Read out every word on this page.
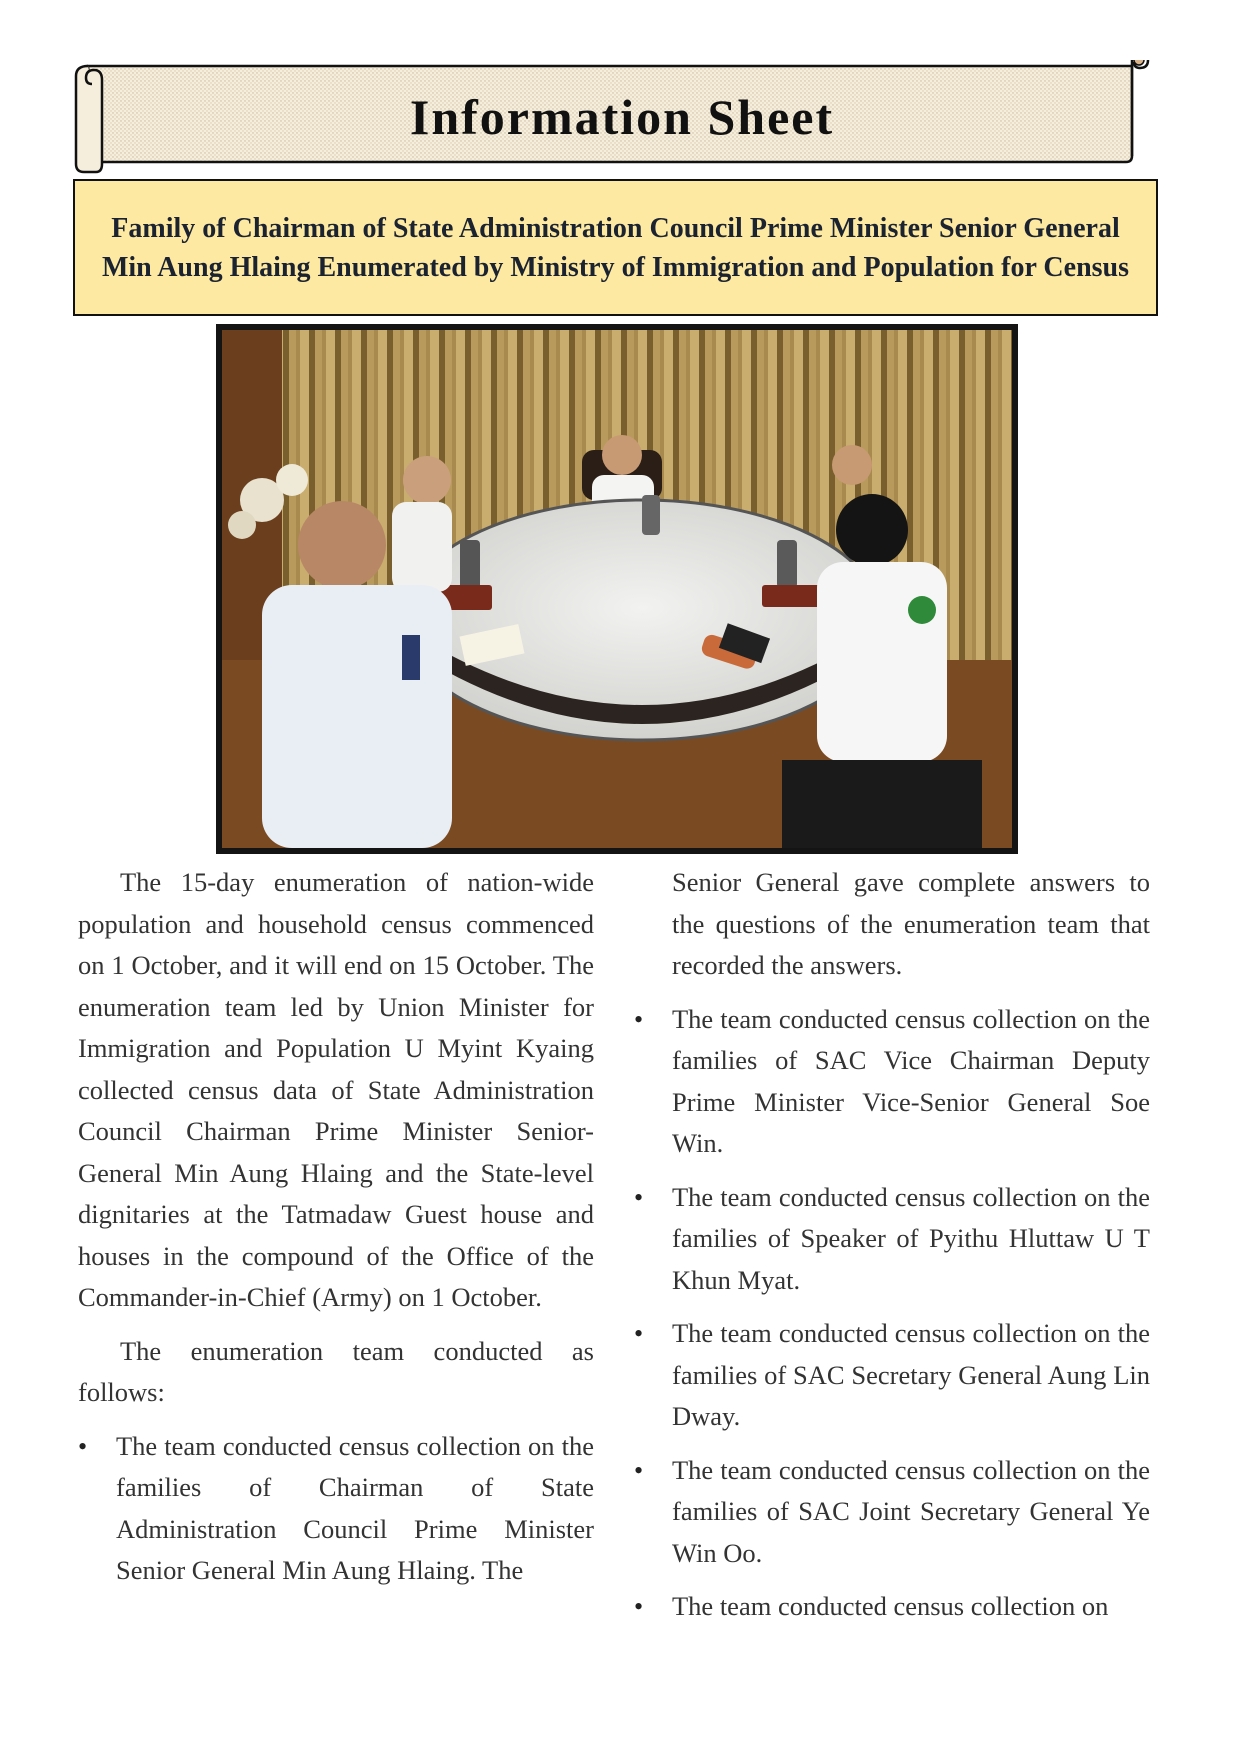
Information Sheet
Family of Chairman of State Administration Council Prime Minister Senior General Min Aung Hlaing Enumerated by Ministry of Immigration and Population for Census

The 15-day enumeration of nation-wide population and household census commenced on 1 October, and it will end on 15 October. The enumeration team led by Union Minister for Immigration and Population U Myint Kyaing collected census data of State Administration Council Chairman Prime Minister Senior-General Min Aung Hlaing and the State-level dignitaries at the Tatmadaw Guest house and houses in the compound of the Office of the Commander-in-Chief (Army) on 1 October.

The enumeration team conducted as follows:

• The team conducted census collection on the families of Chairman of State Administration Council Prime Minister Senior General Min Aung Hlaing. The

Senior General gave complete answers to the questions of the enumeration team that recorded the answers.

• The team conducted census collection on the families of SAC Vice Chairman Deputy Prime Minister Vice-Senior General Soe Win.
• The team conducted census collection on the families of Speaker of Pyithu Hluttaw U T Khun Myat.
• The team conducted census collection on the families of SAC Secretary General Aung Lin Dway.
• The team conducted census collection on the families of SAC Joint Secretary General Ye Win Oo.
• The team conducted census collection on
